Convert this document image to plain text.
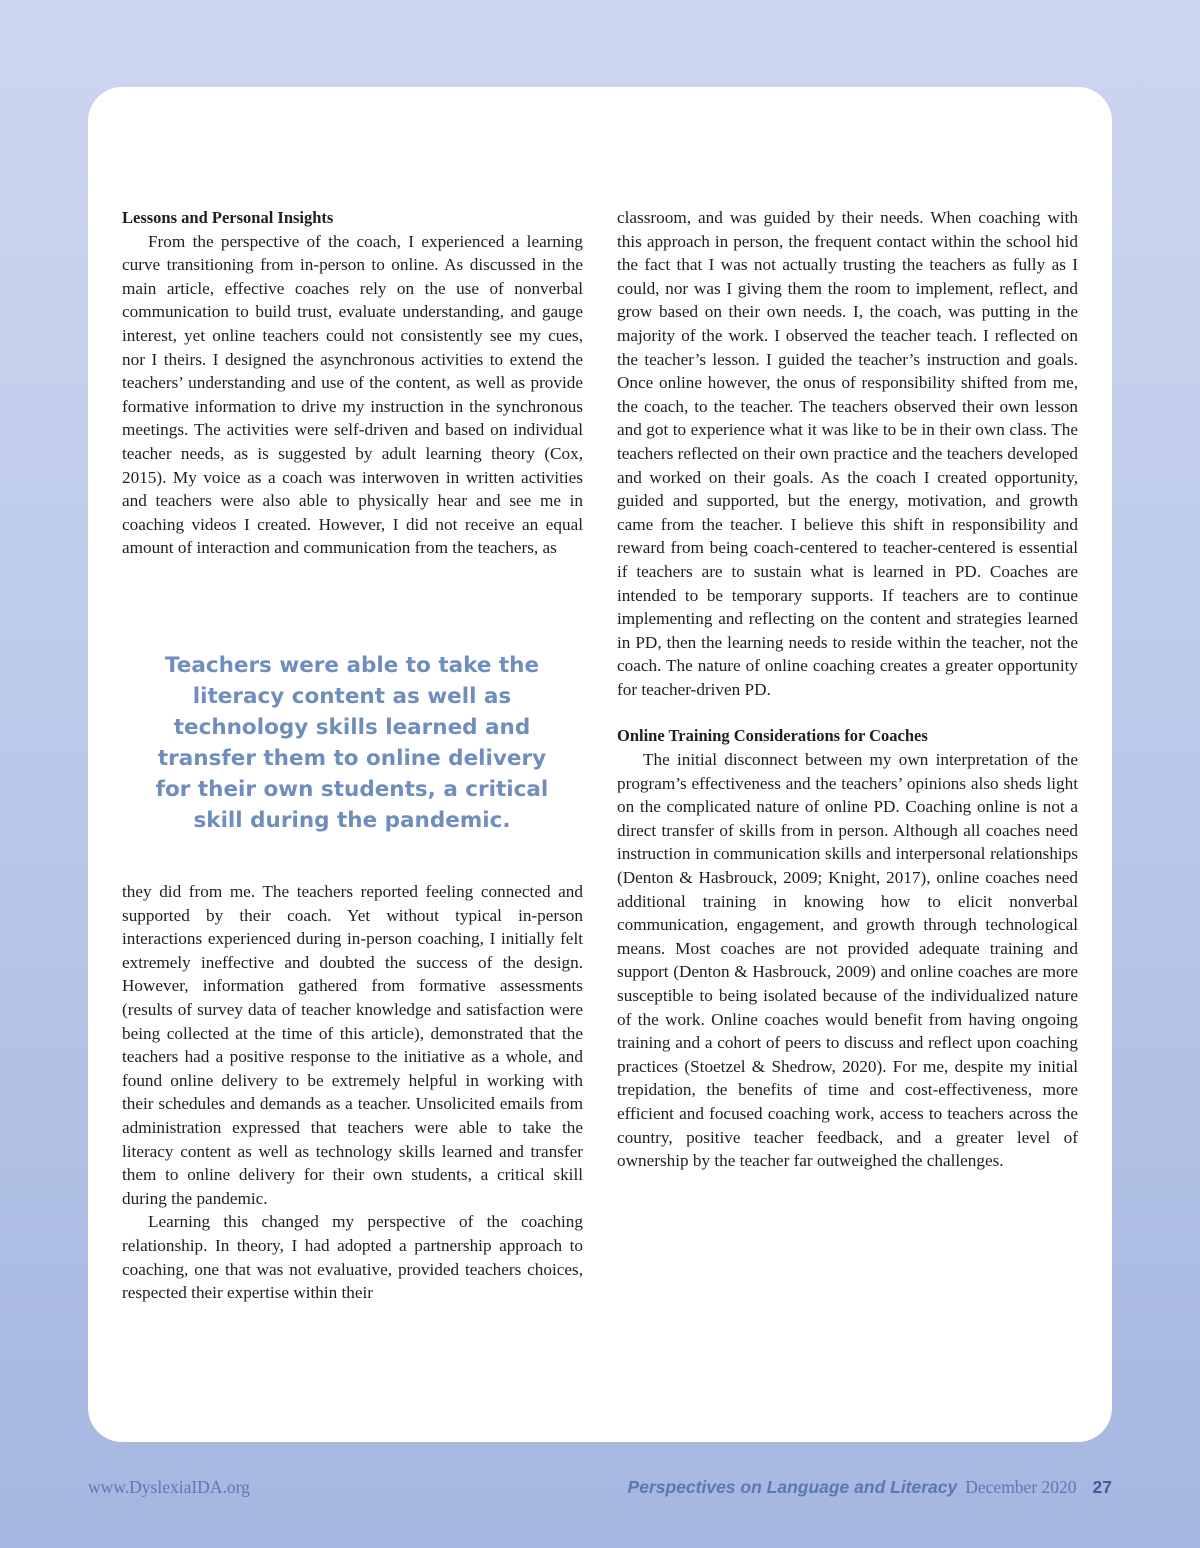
Lessons and Personal Insights

From the perspective of the coach, I experienced a learning curve transitioning from in-person to online. As discussed in the main article, effective coaches rely on the use of nonverbal communication to build trust, evaluate understanding, and gauge interest, yet online teachers could not consistently see my cues, nor I theirs. I designed the asynchronous activities to extend the teachers’ understanding and use of the content, as well as provide formative information to drive my instruction in the synchronous meetings. The activities were self-driven and based on individual teacher needs, as is suggested by adult learning theory (Cox, 2015). My voice as a coach was interwoven in written activities and teachers were also able to physically hear and see me in coaching videos I created. However, I did not receive an equal amount of interaction and communication from the teachers, as

Teachers were able to take the literacy content as well as technology skills learned and transfer them to online delivery for their own students, a critical skill during the pandemic.

they did from me. The teachers reported feeling connected and supported by their coach. Yet without typical in-person interactions experienced during in-person coaching, I initially felt extremely ineffective and doubted the success of the design. However, information gathered from formative assessments (results of survey data of teacher knowledge and satisfaction were being collected at the time of this article), demonstrated that the teachers had a positive response to the initiative as a whole, and found online delivery to be extremely helpful in working with their schedules and demands as a teacher. Unsolicited emails from administration expressed that teachers were able to take the literacy content as well as technology skills learned and transfer them to online delivery for their own students, a critical skill during the pandemic.

Learning this changed my perspective of the coaching relationship. In theory, I had adopted a partnership approach to coaching, one that was not evaluative, provided teachers choices, respected their expertise within their

classroom, and was guided by their needs. When coaching with this approach in person, the frequent contact within the school hid the fact that I was not actually trusting the teachers as fully as I could, nor was I giving them the room to implement, reflect, and grow based on their own needs. I, the coach, was putting in the majority of the work. I observed the teacher teach. I reflected on the teacher’s lesson. I guided the teacher’s instruction and goals. Once online however, the onus of responsibility shifted from me, the coach, to the teacher. The teachers observed their own lesson and got to experience what it was like to be in their own class. The teachers reflected on their own practice and the teachers developed and worked on their goals. As the coach I created opportunity, guided and supported, but the energy, motivation, and growth came from the teacher. I believe this shift in responsibility and reward from being coach-centered to teacher-centered is essential if teachers are to sustain what is learned in PD. Coaches are intended to be temporary supports. If teachers are to continue implementing and reflecting on the content and strategies learned in PD, then the learning needs to reside within the teacher, not the coach. The nature of online coaching creates a greater opportunity for teacher-driven PD.

Online Training Considerations for Coaches

The initial disconnect between my own interpretation of the program’s effectiveness and the teachers’ opinions also sheds light on the complicated nature of online PD. Coaching online is not a direct transfer of skills from in person. Although all coaches need instruction in communication skills and interpersonal relationships (Denton & Hasbrouck, 2009; Knight, 2017), online coaches need additional training in knowing how to elicit nonverbal communication, engagement, and growth through technological means. Most coaches are not provided adequate training and support (Denton & Hasbrouck, 2009) and online coaches are more susceptible to being isolated because of the individualized nature of the work. Online coaches would benefit from having ongoing training and a cohort of peers to discuss and reflect upon coaching practices (Stoetzel & Shedrow, 2020). For me, despite my initial trepidation, the benefits of time and cost-effectiveness, more efficient and focused coaching work, access to teachers across the country, positive teacher feedback, and a greater level of ownership by the teacher far outweighed the challenges.

www.DyslexiaIDA.org	Perspectives on Language and Literacy December 2020 27
